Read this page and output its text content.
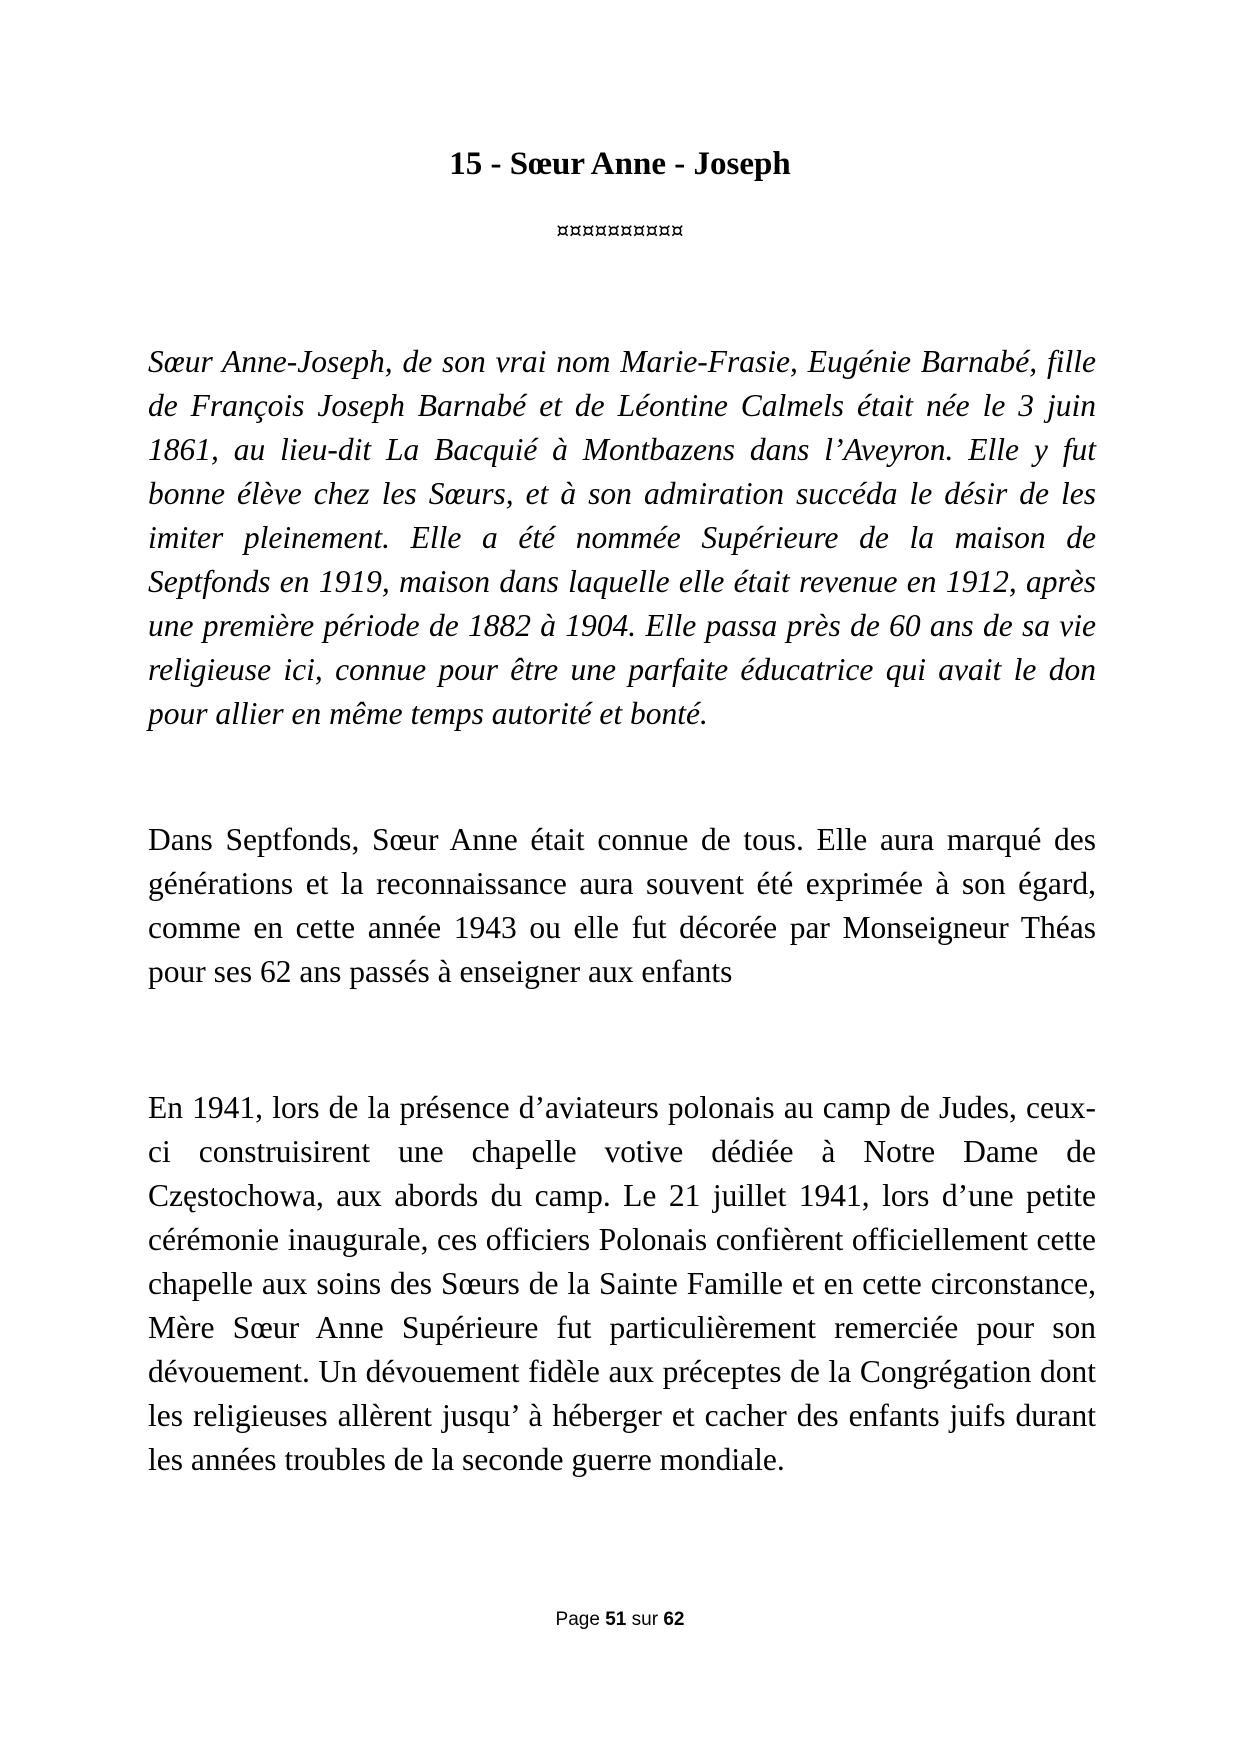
15 - Sœur Anne - Joseph
¤¤¤¤¤¤¤¤¤¤

Sœur Anne-Joseph, de son vrai nom Marie-Frasie, Eugénie Barnabé, fille de François Joseph Barnabé et de Léontine Calmels était née le 3 juin 1861, au lieu-dit La Bacquié à Montbazens dans l’Aveyron. Elle y fut bonne élève chez les Sœurs, et à son admiration succéda le désir de les imiter pleinement. Elle a été nommée Supérieure de la maison de Septfonds en 1919, maison dans laquelle elle était revenue en 1912, après une première période de 1882 à 1904. Elle passa près de 60 ans de sa vie religieuse ici, connue pour être une parfaite éducatrice qui avait le don pour allier en même temps autorité et bonté.

Dans Septfonds, Sœur Anne était connue de tous. Elle aura marqué des générations et la reconnaissance aura souvent été exprimée à son égard, comme en cette année 1943 ou elle fut décorée par Monseigneur Théas pour ses 62 ans passés à enseigner aux enfants

En 1941, lors de la présence d’aviateurs polonais au camp de Judes, ceux-ci construisirent une chapelle votive dédiée à Notre Dame de Częstochowa, aux abords du camp. Le 21 juillet 1941, lors d’une petite cérémonie inaugurale, ces officiers Polonais confièrent officiellement cette chapelle aux soins des Sœurs de la Sainte Famille et en cette circonstance, Mère Sœur Anne Supérieure fut particulièrement remerciée pour son dévouement. Un dévouement fidèle aux préceptes de la Congrégation dont les religieuses allèrent jusqu’ à héberger et cacher des enfants juifs durant les années troubles de la seconde guerre mondiale.

Page 51 sur 62
